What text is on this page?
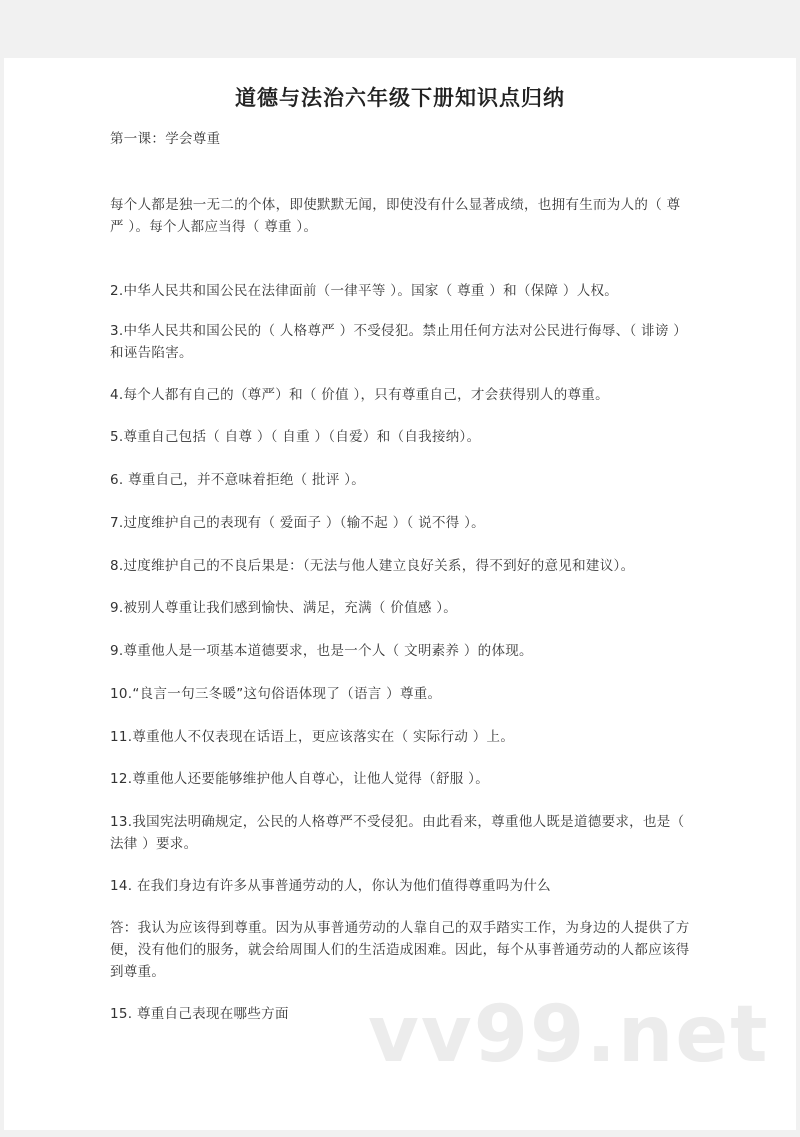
道德与法治六年级下册知识点归纳
第一课：学会尊重
每个人都是独一无二的个体，即使默默无闻，即使没有什么显著成绩，也拥有生而为人的（ 尊严 ）。每个人都应当得（ 尊重 ）。
2.中华人民共和国公民在法律面前（一律平等 ）。国家（ 尊重 ）和（保障 ）人权。
3.中华人民共和国公民的（ 人格尊严 ）不受侵犯。禁止用任何方法对公民进行侮辱、（ 诽谤 ）和诬告陷害。
4.每个人都有自己的（尊严）和（ 价值 ），只有尊重自己，才会获得别人的尊重。
5.尊重自己包括（ 自尊 ）（ 自重 ）（自爱）和（自我接纳）。
6. 尊重自己，并不意味着拒绝（ 批评 ）。
7.过度维护自己的表现有（ 爱面子 ）（输不起 ）（ 说不得 ）。
8.过度维护自己的不良后果是：（无法与他人建立良好关系，得不到好的意见和建议）。
9.被别人尊重让我们感到愉快、满足，充满（ 价值感 ）。
9.尊重他人是一项基本道德要求，也是一个人（ 文明素养 ）的体现。
10.“良言一句三冬暖”这句俗语体现了（语言 ）尊重。
11.尊重他人不仅表现在话语上，更应该落实在（ 实际行动 ）上。
12.尊重他人还要能够维护他人自尊心，让他人觉得（舒服 ）。
13.我国宪法明确规定，公民的人格尊严不受侵犯。由此看来，尊重他人既是道德要求，也是（ 法律 ）要求。
14. 在我们身边有许多从事普通劳动的人，你认为他们值得尊重吗为什么
答：我认为应该得到尊重。因为从事普通劳动的人靠自己的双手踏实工作，为身边的人提供了方便，没有他们的服务，就会给周围人们的生活造成困难。因此，每个从事普通劳动的人都应该得到尊重。
15. 尊重自己表现在哪些方面	vv99.net
